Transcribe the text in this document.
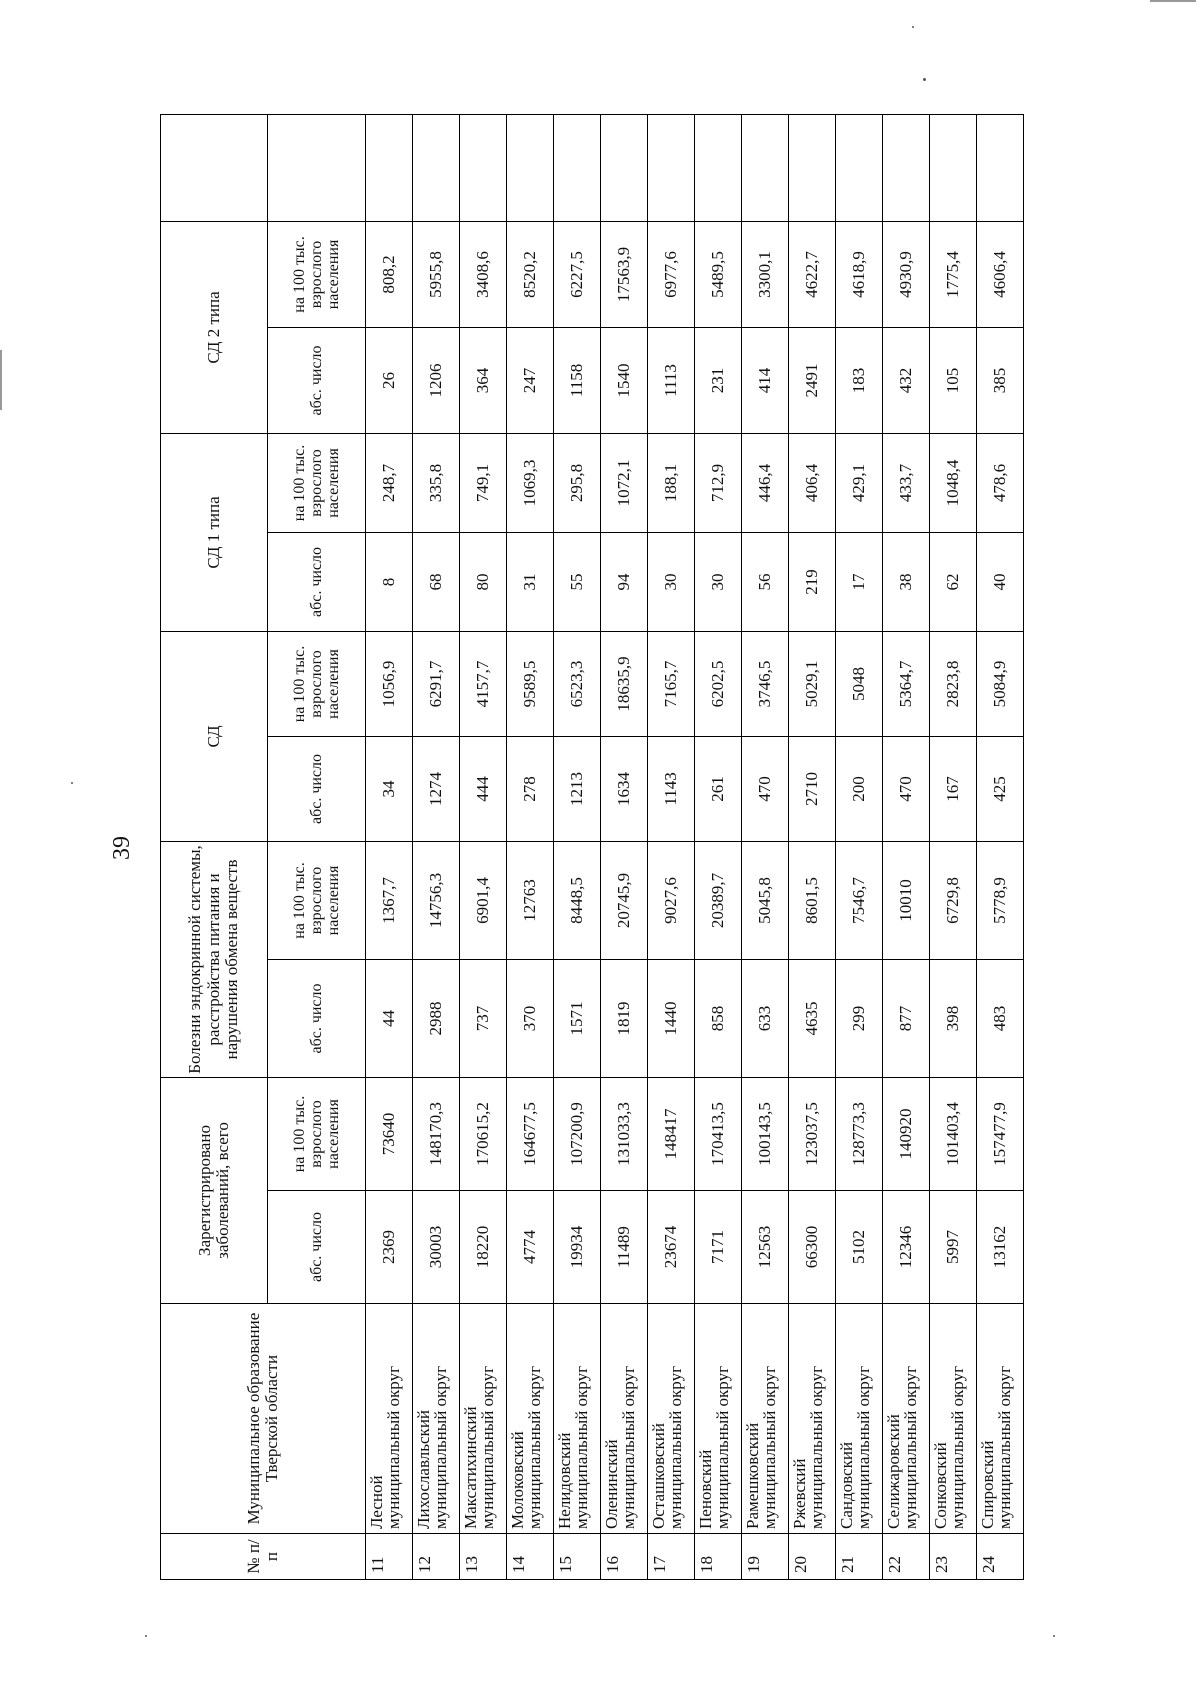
39
№ п/п	Муниципальное образование Тверской области	Зарегистрировано заболеваний, всего		Болезни эндокринной системы, расстройства питания и нарушения обмена веществ		СД		СД 1 типа		СД 2 типа		
		абс. число	на 100 тыс. взрослого населения	абс. число	на 100 тыс. взрослого населения	абс. число	на 100 тыс. взрослого населения	абс. число	на 100 тыс. взрослого населения	абс. число	на 100 тыс. взрослого населения	
11	Лесной
муниципальный округ	2369	73640	44	1367,7	34	1056,9	8	248,7	26	808,2	
12	Лихославльский
муниципальный округ	30003	148170,3	2988	14756,3	1274	6291,7	68	335,8	1206	5955,8	
13	Максатихинский
муниципальный округ	18220	170615,2	737	6901,4	444	4157,7	80	749,1	364	3408,6	
14	Молоковский
муниципальный округ	4774	164677,5	370	12763	278	9589,5	31	1069,3	247	8520,2	
15	Нелидовский
муниципальный округ	19934	107200,9	1571	8448,5	1213	6523,3	55	295,8	1158	6227,5	
16	Оленинский
муниципальный округ	11489	131033,3	1819	20745,9	1634	18635,9	94	1072,1	1540	17563,9	
17	Осташковский
муниципальный округ	23674	148417	1440	9027,6	1143	7165,7	30	188,1	1113	6977,6	
18	Пеновский
муниципальный округ	7171	170413,5	858	20389,7	261	6202,5	30	712,9	231	5489,5	
19	Рамешковский
муниципальный округ	12563	100143,5	633	5045,8	470	3746,5	56	446,4	414	3300,1	
20	Ржевский
муниципальный округ	66300	123037,5	4635	8601,5	2710	5029,1	219	406,4	2491	4622,7	
21	Сандовский
муниципальный округ	5102	128773,3	299	7546,7	200	5048	17	429,1	183	4618,9	
22	Селижаровский
муниципальный округ	12346	140920	877	10010	470	5364,7	38	433,7	432	4930,9	
23	Сонковский
муниципальный округ	5997	101403,4	398	6729,8	167	2823,8	62	1048,4	105	1775,4	
24	Спировский
муниципальный округ	13162	157477,9	483	5778,9	425	5084,9	40	478,6	385	4606,4	
